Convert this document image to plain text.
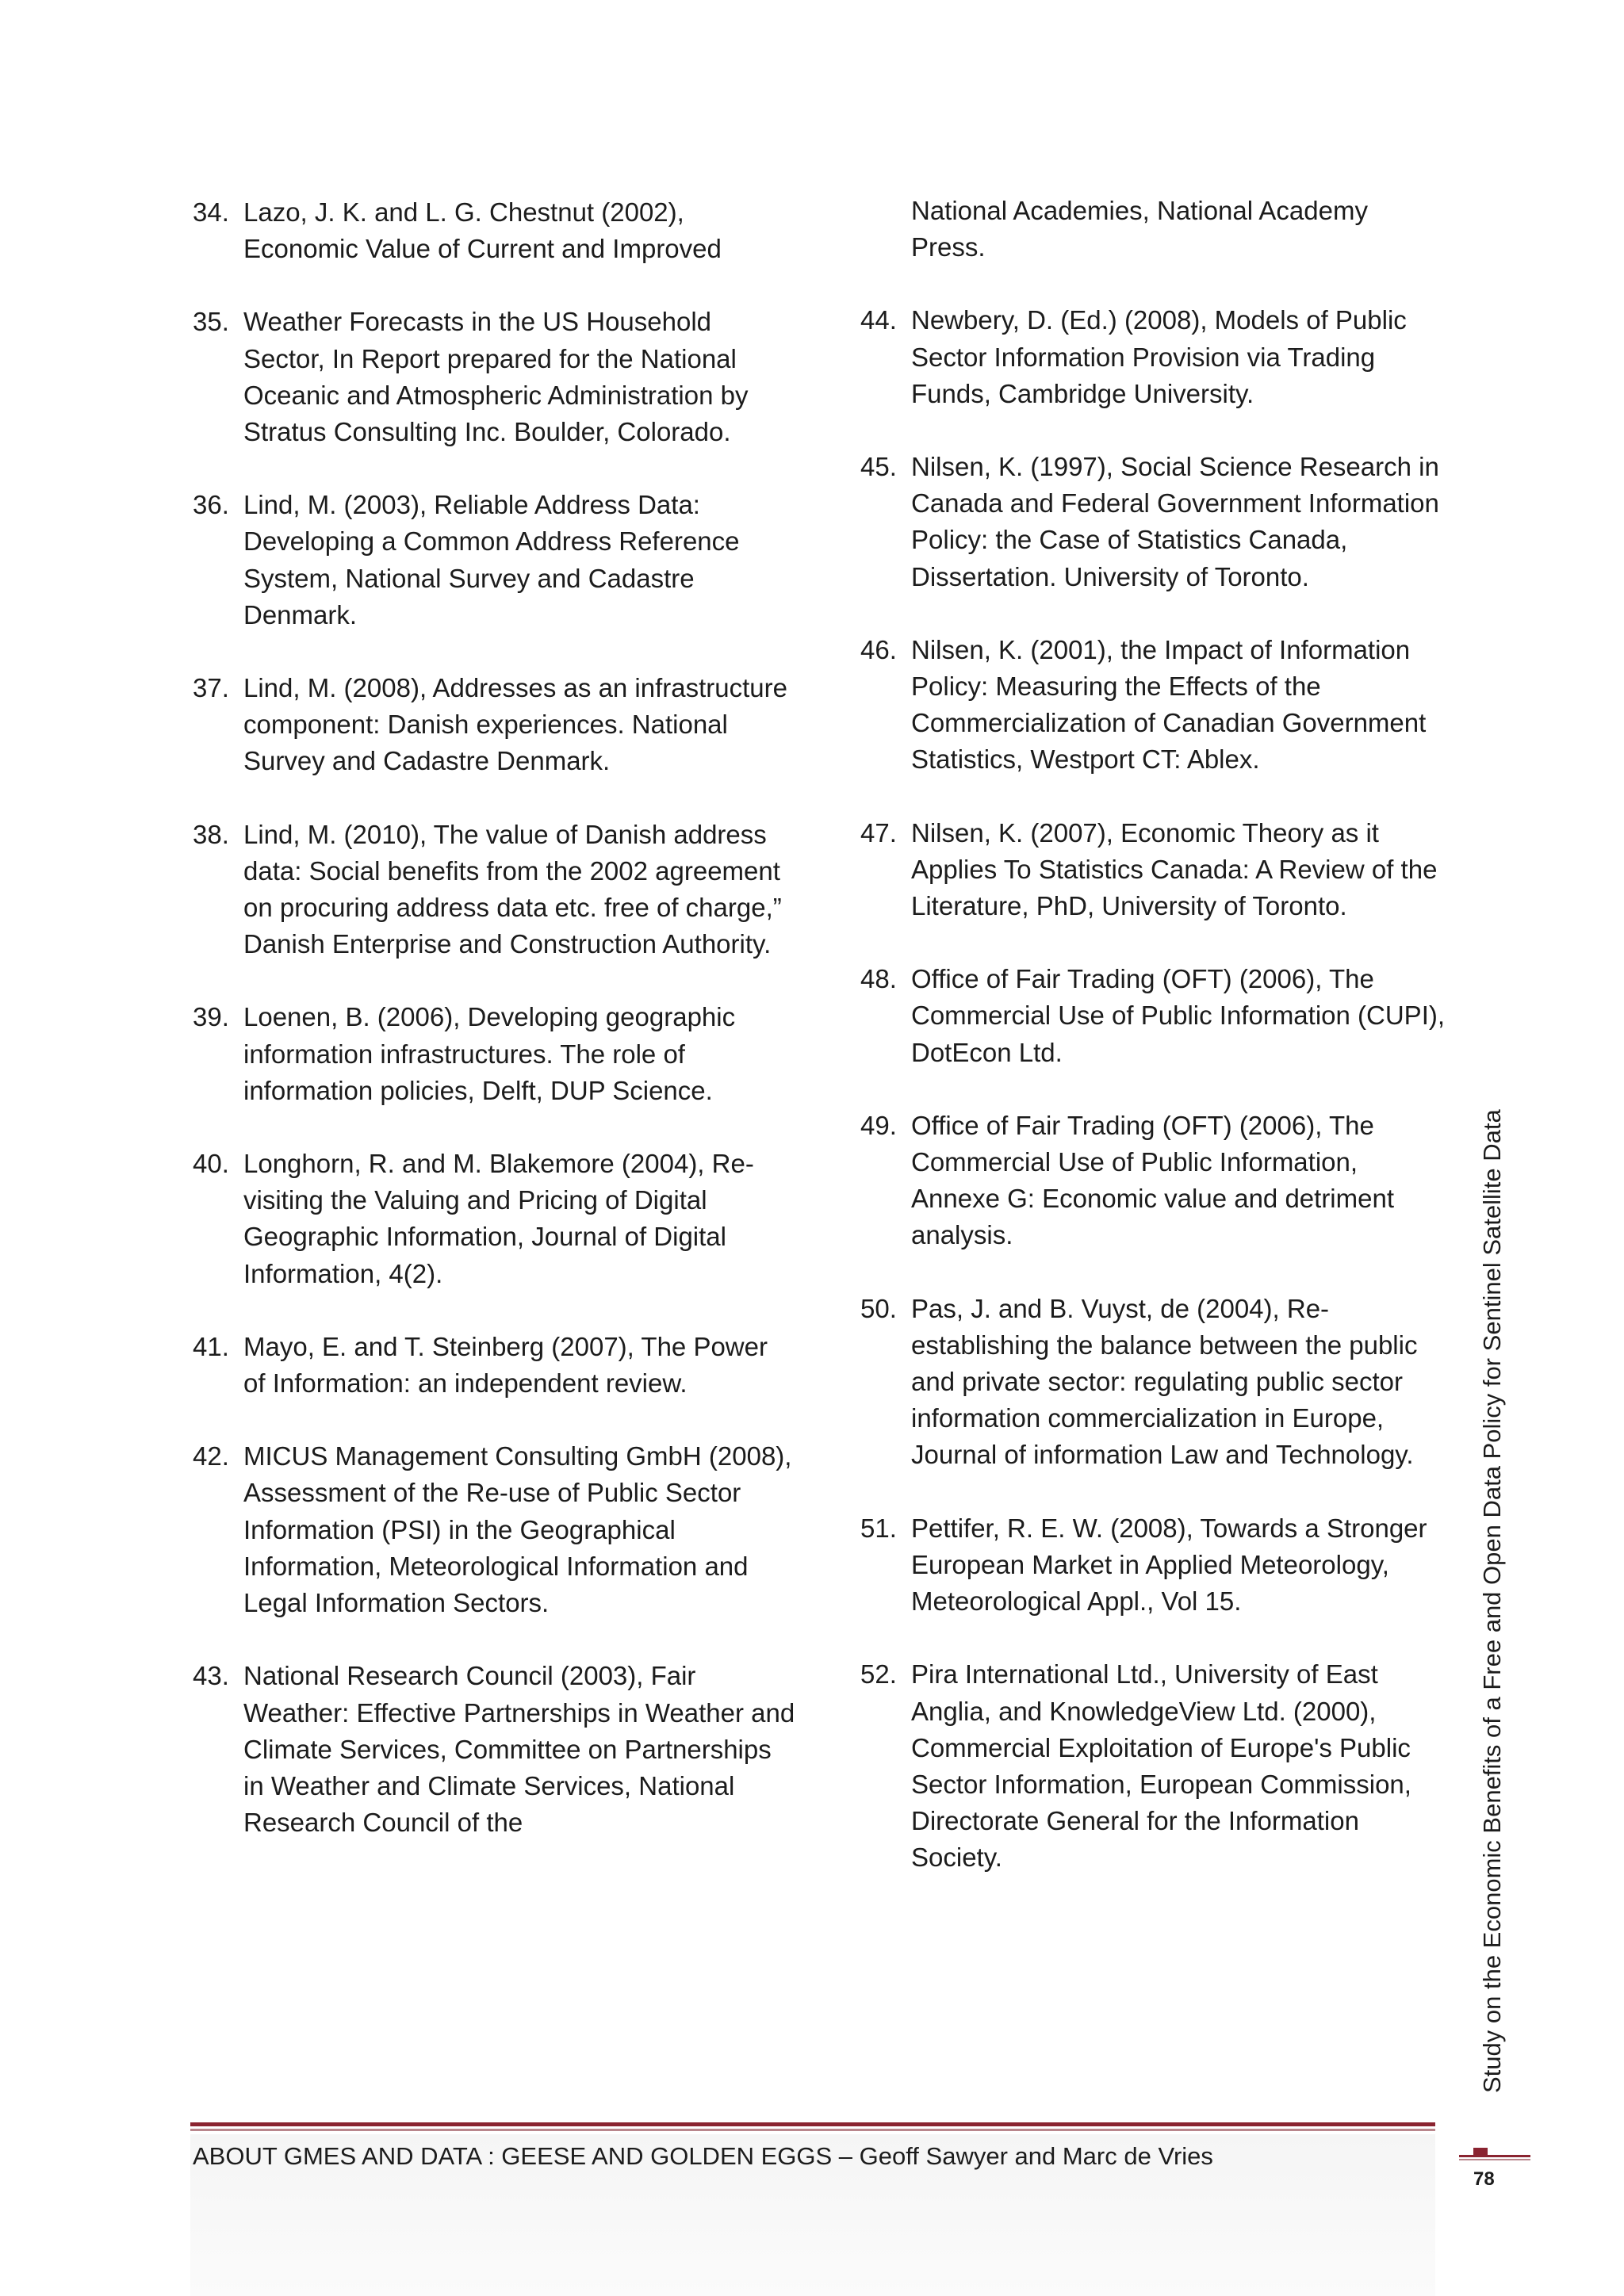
34. Lazo, J. K. and L. G. Chestnut (2002), Economic Value of Current and Improved
35. Weather Forecasts in the US Household Sector, In Report prepared for the National Oceanic and Atmospheric Administration by Stratus Consulting Inc. Boulder, Colorado.
36. Lind, M. (2003), Reliable Address Data: Developing a Common Address Reference System, National Survey and Cadastre Denmark.
37. Lind, M. (2008), Addresses as an infrastructure component: Danish experiences. National Survey and Cadastre Denmark.
38. Lind, M. (2010), The value of Danish address data: Social benefits from the 2002 agreement on procuring address data etc. free of charge,” Danish Enterprise and Construction Authority.
39. Loenen, B. (2006), Developing geographic information infrastructures. The role of information policies, Delft, DUP Science.
40. Longhorn, R. and M. Blakemore (2004), Re-visiting the Valuing and Pricing of Digital Geographic Information, Journal of Digital Information, 4(2).
41. Mayo, E. and T. Steinberg (2007), The Power of Information: an independent review.
42. MICUS Management Consulting GmbH (2008), Assessment of the Re-use of Public Sector Information (PSI) in the Geographical Information, Meteorological Information and Legal Information Sectors.
43. National Research Council (2003), Fair Weather: Effective Partnerships in Weather and Climate Services, Committee on Partnerships in Weather and Climate Services, National Research Council of the
National Academies, National Academy Press.
44. Newbery, D. (Ed.) (2008), Models of Public Sector Information Provision via Trading Funds, Cambridge University.
45. Nilsen, K. (1997), Social Science Research in Canada and Federal Government Information Policy: the Case of Statistics Canada, Dissertation. University of Toronto.
46. Nilsen, K. (2001), the Impact of Information Policy: Measuring the Effects of the Commercialization of Canadian Government Statistics, Westport CT: Ablex.
47. Nilsen, K. (2007), Economic Theory as it Applies To Statistics Canada: A Review of the Literature, PhD, University of Toronto.
48. Office of Fair Trading (OFT) (2006), The Commercial Use of Public Information (CUPI), DotEcon Ltd.
49. Office of Fair Trading (OFT) (2006), The Commercial Use of Public Information, Annexe G: Economic value and detriment analysis.
50. Pas, J. and B. Vuyst, de (2004), Re-establishing the balance between the public and private sector: regulating public sector information commercialization in Europe, Journal of information Law and Technology.
51. Pettifer, R. E. W. (2008), Towards a Stronger European Market in Applied Meteorology, Meteorological Appl., Vol 15.
52. Pira International Ltd., University of East Anglia, and KnowledgeView Ltd. (2000), Commercial Exploitation of Europe's Public Sector Information, European Commission, Directorate General for the Information Society.
ABOUT GMES AND DATA : GEESE AND GOLDEN EGGS – Geoff Sawyer and Marc de Vries
Study on the Economic Benefits of a Free and Open Data Policy for Sentinel Satellite Data
78
